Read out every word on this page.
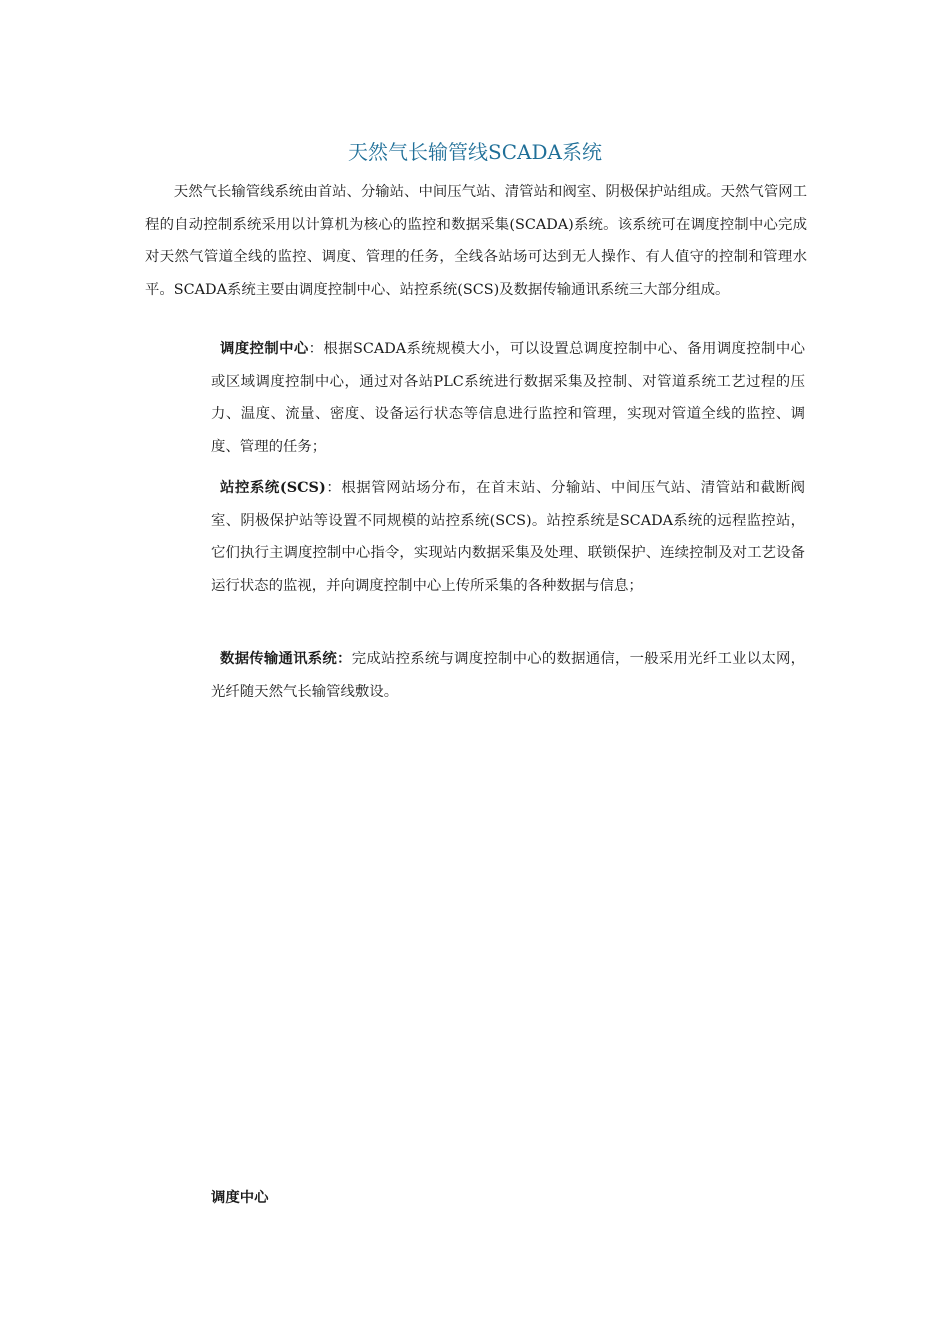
天然气长输管线SCADA系统

天然气长输管线系统由首站、分输站、中间压气站、清管站和阀室、阴极保护站组成。天然气管网工程的自动控制系统采用以计算机为核心的监控和数据采集(SCADA)系统。该系统可在调度控制中心完成对天然气管道全线的监控、调度、管理的任务，全线各站场可达到无人操作、有人值守的控制和管理水平。SCADA系统主要由调度控制中心、站控系统(SCS)及数据传输通讯系统三大部分组成。

调度控制中心：根据SCADA系统规模大小，可以设置总调度控制中心、备用调度控制中心或区域调度控制中心，通过对各站PLC系统进行数据采集及控制、对管道系统工艺过程的压力、温度、流量、密度、设备运行状态等信息进行监控和管理，实现对管道全线的监控、调度、管理的任务；

站控系统(SCS)：根据管网站场分布，在首末站、分输站、中间压气站、清管站和截断阀室、阴极保护站等设置不同规模的站控系统(SCS)。站控系统是SCADA系统的远程监控站，它们执行主调度控制中心指令，实现站内数据采集及处理、联锁保护、连续控制及对工艺设备运行状态的监视，并向调度控制中心上传所采集的各种数据与信息；

数据传输通讯系统：完成站控系统与调度控制中心的数据通信，一般采用光纤工业以太网，光纤随天然气长输管线敷设。

调度中心
